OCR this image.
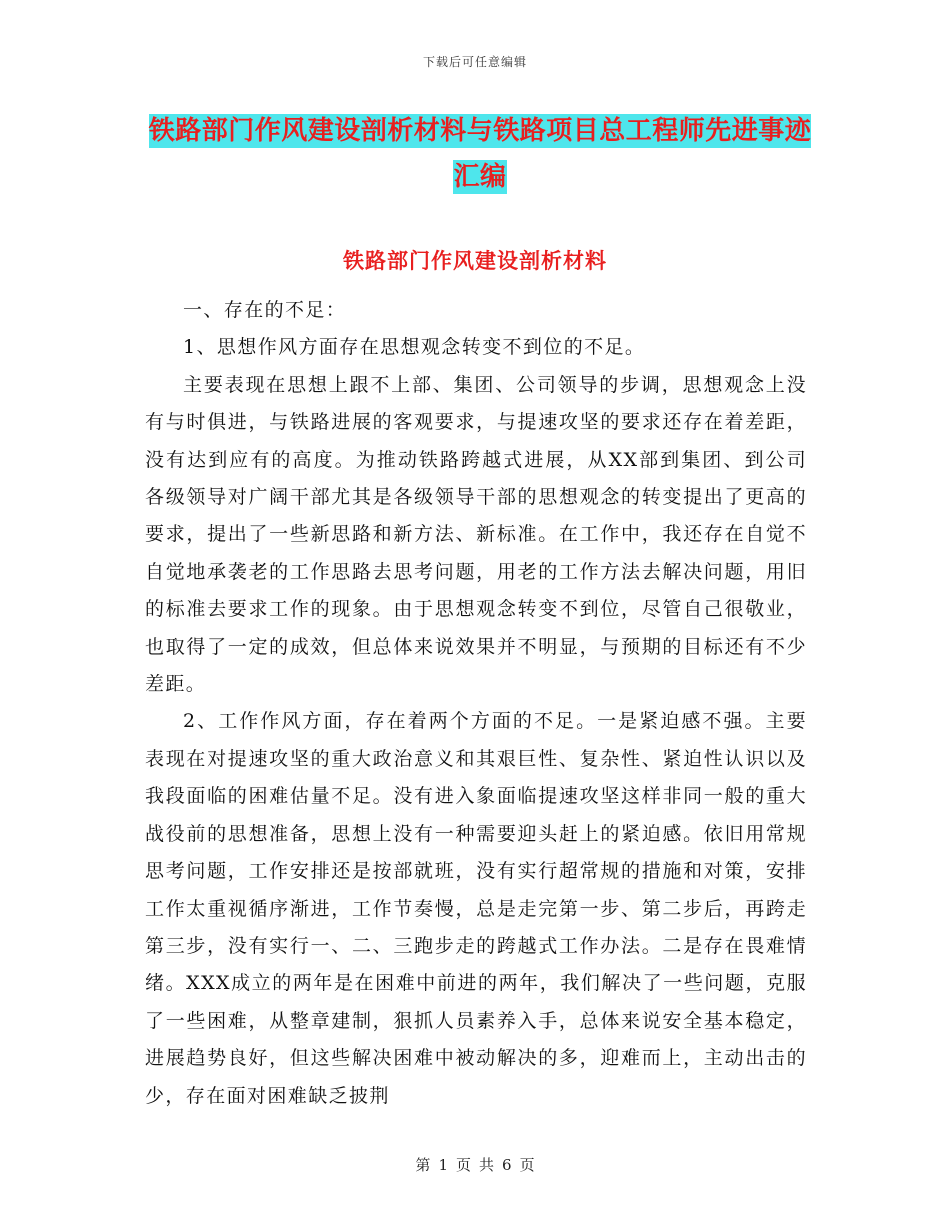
下载后可任意编辑
铁路部门作风建设剖析材料与铁路项目总工程师先进事迹汇编
铁路部门作风建设剖析材料

一、存在的不足：

1、思想作风方面存在思想观念转变不到位的不足。

主要表现在思想上跟不上部、集团、公司领导的步调，思想观念上没有与时俱进，与铁路进展的客观要求，与提速攻坚的要求还存在着差距，没有达到应有的高度。为推动铁路跨越式进展，从XX部到集团、到公司各级领导对广阔干部尤其是各级领导干部的思想观念的转变提出了更高的要求，提出了一些新思路和新方法、新标准。在工作中，我还存在自觉不自觉地承袭老的工作思路去思考问题，用老的工作方法去解决问题，用旧的标准去要求工作的现象。由于思想观念转变不到位，尽管自己很敬业，也取得了一定的成效，但总体来说效果并不明显，与预期的目标还有不少差距。

2、工作作风方面，存在着两个方面的不足。一是紧迫感不强。主要表现在对提速攻坚的重大政治意义和其艰巨性、复杂性、紧迫性认识以及我段面临的困难估量不足。没有进入象面临提速攻坚这样非同一般的重大战役前的思想准备，思想上没有一种需要迎头赶上的紧迫感。依旧用常规思考问题，工作安排还是按部就班，没有实行超常规的措施和对策，安排工作太重视循序渐进，工作节奏慢，总是走完第一步、第二步后，再跨走第三步，没有实行一、二、三跑步走的跨越式工作办法。二是存在畏难情绪。XXX成立的两年是在困难中前进的两年，我们解决了一些问题，克服了一些困难，从整章建制，狠抓人员素养入手，总体来说安全基本稳定，进展趋势良好，但这些解决困难中被动解决的多，迎难而上，主动出击的少，存在面对困难缺乏披荆

第 1 页 共 6 页
